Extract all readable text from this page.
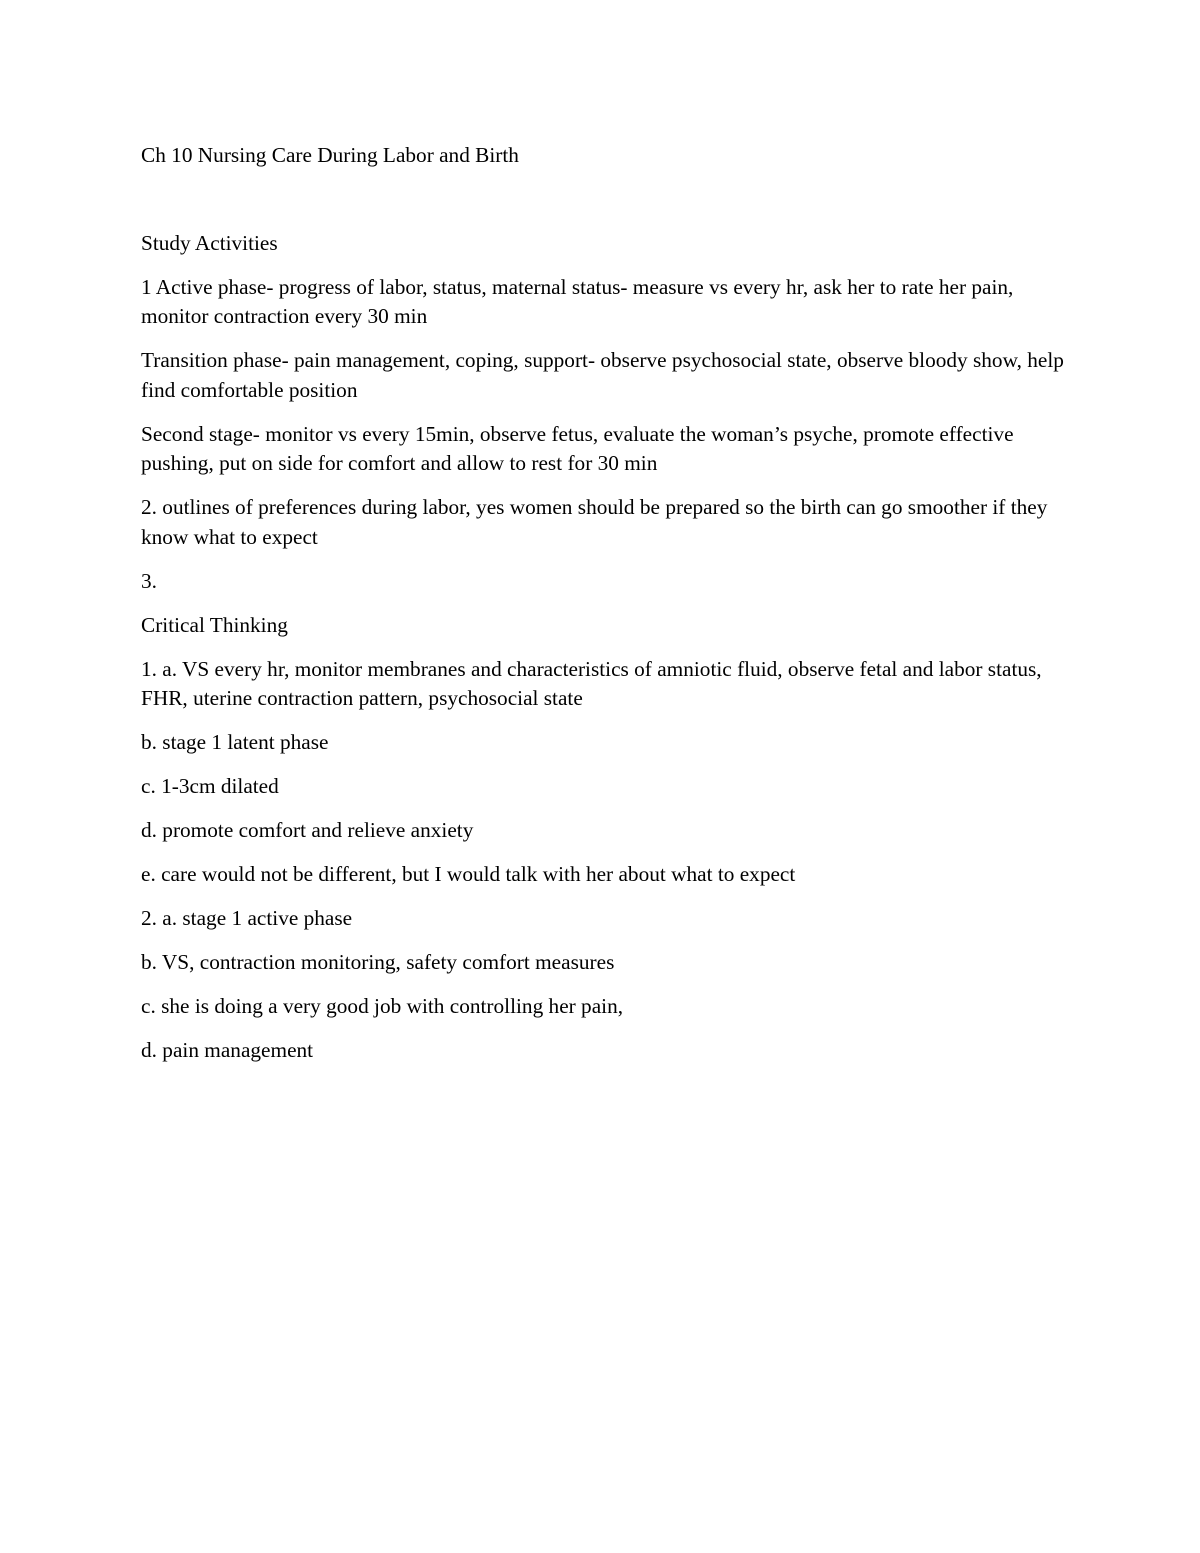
Ch 10 Nursing Care During Labor and Birth

Study Activities

1 Active phase- progress of labor, status, maternal status- measure vs every hr, ask her to rate her pain, monitor contraction every 30 min

Transition phase- pain management, coping, support- observe psychosocial state, observe bloody show, help find comfortable position

Second stage- monitor vs every 15min, observe fetus, evaluate the woman’s psyche, promote effective pushing, put on side for comfort and allow to rest for 30 min

2. outlines of preferences during labor, yes women should be prepared so the birth can go smoother if they know what to expect

3.

Critical Thinking

1. a. VS every hr, monitor membranes and characteristics of amniotic fluid, observe fetal and labor status, FHR, uterine contraction pattern, psychosocial state

b. stage 1 latent phase

c. 1-3cm dilated

d. promote comfort and relieve anxiety

e. care would not be different, but I would talk with her about what to expect

2. a. stage 1 active phase

b. VS, contraction monitoring, safety comfort measures

c. she is doing a very good job with controlling her pain,

d. pain management
